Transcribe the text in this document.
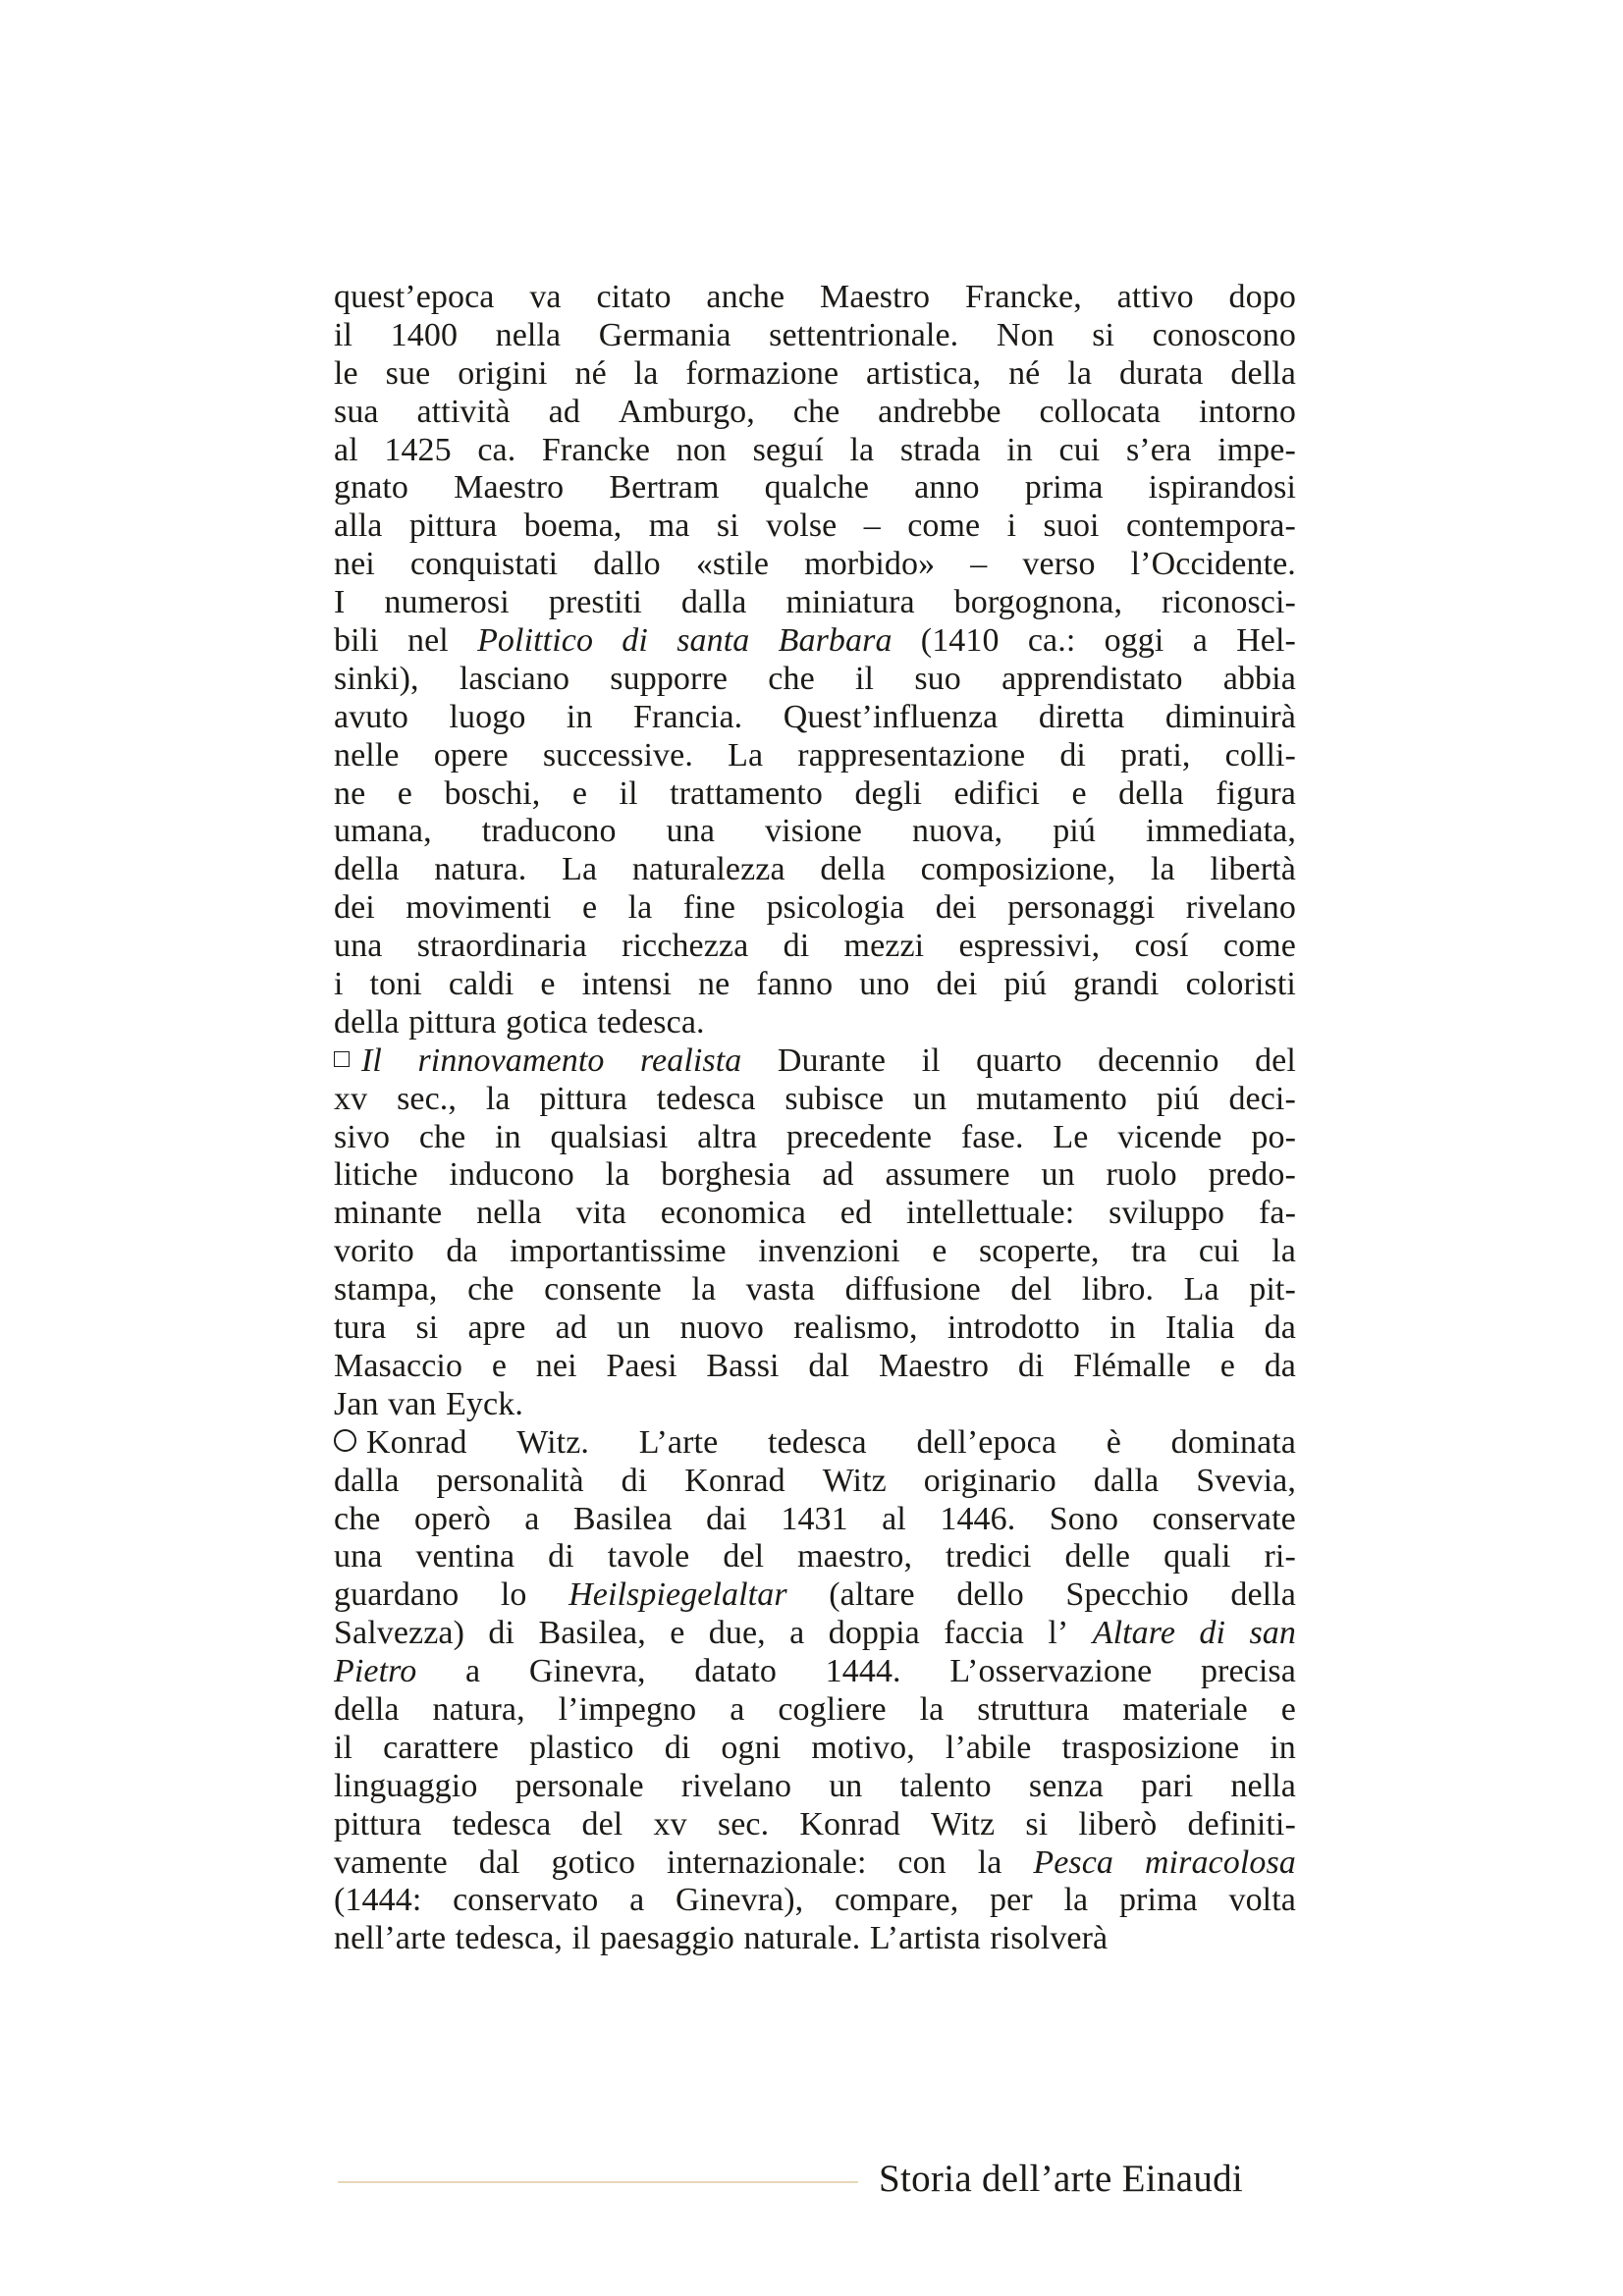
quest’epoca va citato anche Maestro Francke, attivo dopo
il 1400 nella Germania settentrionale. Non si conoscono
le sue origini né la formazione artistica, né la durata della
sua attività ad Amburgo, che andrebbe collocata intorno
al 1425 ca. Francke non seguí la strada in cui s’era impe-
gnato Maestro Bertram qualche anno prima ispirandosi
alla pittura boema, ma si volse – come i suoi contempora-
nei conquistati dallo «stile morbido» – verso l’Occidente.
I numerosi prestiti dalla miniatura borgognona, riconosci-
bili nel Polittico di santa Barbara (1410 ca.: oggi a Hel-
sinki), lasciano supporre che il suo apprendistato abbia
avuto luogo in Francia. Quest’influenza diretta diminuirà
nelle opere successive. La rappresentazione di prati, colli-
ne e boschi, e il trattamento degli edifici e della figura
umana, traducono una visione nuova, piú immediata,
della natura. La naturalezza della composizione, la libertà
dei movimenti e la fine psicologia dei personaggi rivelano
una straordinaria ricchezza di mezzi espressivi, cosí come
i toni caldi e intensi ne fanno uno dei piú grandi coloristi
della pittura gotica tedesca.
Il rinnovamento realista Durante il quarto decennio del
xv sec., la pittura tedesca subisce un mutamento piú deci-
sivo che in qualsiasi altra precedente fase. Le vicende po-
litiche inducono la borghesia ad assumere un ruolo predo-
minante nella vita economica ed intellettuale: sviluppo fa-
vorito da importantissime invenzioni e scoperte, tra cui la
stampa, che consente la vasta diffusione del libro. La pit-
tura si apre ad un nuovo realismo, introdotto in Italia da
Masaccio e nei Paesi Bassi dal Maestro di Flémalle e da
Jan van Eyck.
Konrad Witz. L’arte tedesca dell’epoca è dominata
dalla personalità di Konrad Witz originario dalla Svevia,
che operò a Basilea dai 1431 al 1446. Sono conservate
una ventina di tavole del maestro, tredici delle quali ri-
guardano lo Heilspiegelaltar (altare dello Specchio della
Salvezza) di Basilea, e due, a doppia faccia l’ Altare di san
Pietro a Ginevra, datato 1444. L’osservazione precisa
della natura, l’impegno a cogliere la struttura materiale e
il carattere plastico di ogni motivo, l’abile trasposizione in
linguaggio personale rivelano un talento senza pari nella
pittura tedesca del xv sec. Konrad Witz si liberò definiti-
vamente dal gotico internazionale: con la Pesca miracolosa
(1444: conservato a Ginevra), compare, per la prima volta
nell’arte tedesca, il paesaggio naturale. L’artista risolverà
Storia dell’arte Einaudi
